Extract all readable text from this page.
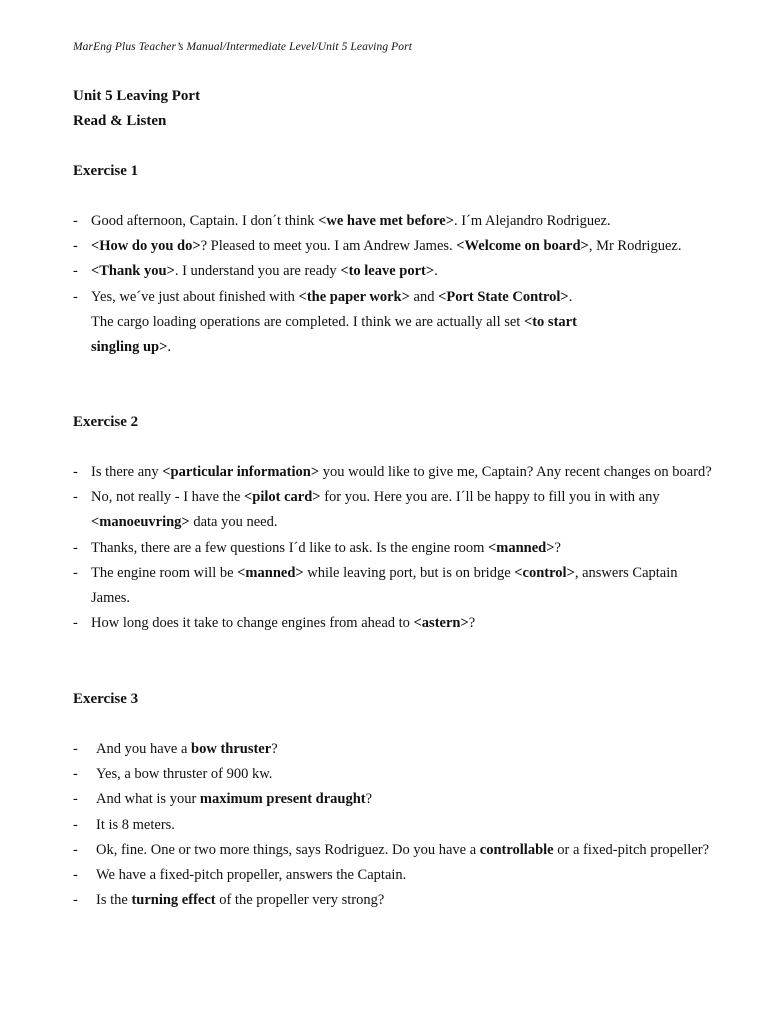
MarEng Plus Teacher’s Manual/Intermediate Level/Unit 5 Leaving Port
Unit 5 Leaving Port
Read & Listen
Exercise 1
- Good afternoon, Captain. I don´t think <we have met before>. I´m Alejandro Rodriguez.
- <How do you do>? Pleased to meet you. I am Andrew James. <Welcome on board>, Mr Rodriguez.
- <Thank you>. I understand you are ready <to leave port>.
- Yes, we´ve just about finished with <the paper work> and <Port State Control>.
The cargo loading operations are completed. I think we are actually all set <to start
singling up>.
Exercise 2
- Is there any <particular information> you would like to give me, Captain? Any recent changes on board?
- No, not really - I have the <pilot card> for you. Here you are. I´ll be happy to fill you in with any <manoeuvring> data you need.
- Thanks, there are a few questions I´d like to ask. Is the engine room <manned>?
- The engine room will be <manned> while leaving port, but is on bridge <control>, answers Captain James.
- How long does it take to change engines from ahead to <astern>?
Exercise 3
- And you have a bow thruster?
- Yes, a bow thruster of 900 kw.
- And what is your maximum present draught?
- It is 8 meters.
- Ok, fine. One or two more things, says Rodriguez. Do you have a controllable or a fixed-pitch propeller?
- We have a fixed-pitch propeller, answers the Captain.
- Is the turning effect of the propeller very strong?
